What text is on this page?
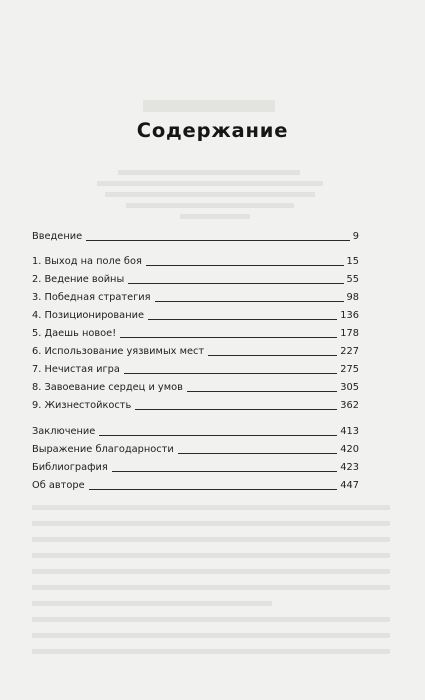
Содержание
Введение	9
1. Выход на поле боя	15
2. Ведение войны	55
3. Победная стратегия	98
4. Позиционирование	136
5. Даешь новое!	178
6. Использование уязвимых мест	227
7. Нечистая игра	275
8. Завоевание сердец и умов	305
9. Жизнестойкость	362
Заключение	413
Выражение благодарности	420
Библиография	423
Об авторе	447
